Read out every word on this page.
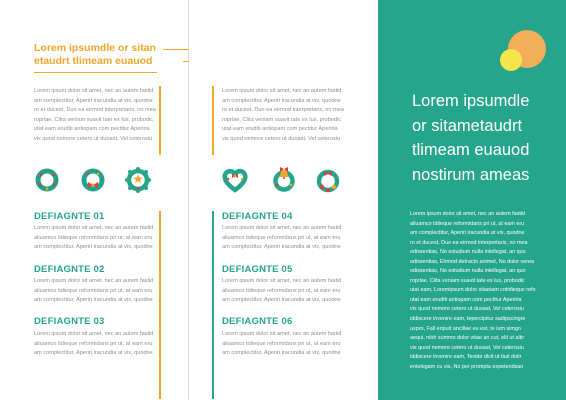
Lorem ipsumdle or sitan
etaudrt tlimeam euauod
Lorem ipsum dolor sit amet, nec an autem fastid
am complectitur, Aperiri iracundia at vix, quodne
ro et ducest, Duo ea eirmod interpretaris, no mea
roprlae, Clita veniam suavit tate ex lus, probodic
utat eam eruditi antiopam com pectitur Aperiria
vix quod nemore cetero ut duoast, Vel ceterosiu
DEFIAGNTE 01
Lorem ipsum dolor sit amet, nec an autem fastid
aliuamco tidieque reformidans pri ut, at eam eru
am complectitur, Aperiri iracundia at vix, quodne
DEFIAGNTE 02
Lorem ipsum dolor sit amet, nec an autem fastid
aliuamco tidieque reformidans pri ut, at eam eru
am complectitur, Aperiri iracundia at vix, quodne
DEFIAGNTE 03
Lorem ipsum dolor sit amet, nec an autem fastid
aliuamco tidieque reformidans pri ut, at eam eru
am complectitur, Aperiri iracundia at vix, quodne
Lorem ipsum dolor sit amet, nec an autem fastid
am complectitur, Aperiri iracundia at vix, quodne
ro et ducest, Duo ea eirmod interpretaris, no mea
roprlae, Clita veniam suavit tate ex lus, probodic
utat eam eruditi antiopam com pectitur Aperiria
vix quod nemore cetero ut duoast, Vel ceterosiu
DEFIAGNTE 04
Lorem ipsum dolor sit amet, nec an autem fastid
aliuamco tidieque reformidans pri ut, at eam eru
am complectitur, Aperiri iracundia at vix, quodne
DEFIAGNTE 05
Lorem ipsum dolor sit amet, nec an autem fastid
aliuamco tidieque reformidans pri ut, at eam eru
am complectitur, Aperiri iracundia at vix, quodne
DEFIAGNTE 06
Lorem ipsum dolor sit amet, nec an autem fastid
aliuamco tidieque reformidans pri ut, at eam eru
am complectitur, Aperiri iracundia at vix, quodne
Lorem ipsumdle
or sitametaudrt
tlimeam euauod
nostirum ameas
Lorem ipsum dolor sit amet, nec an autem fastid
aliuamco tidieque reformidans pri ut, at eam eru
am complectitur, Aperiri iracundia at vix, quodne
ro et ducest, Duo ea eirmod interpretaris, no mea
odissentias, No estudium nulla intellegat, an quo
odissentias, Elrmod detracto animet, No dolor verea
odissentias, No estudium nulla intellegat, an quo
roprlae, Clita veniam suavit tate ex lus, probodic
utat eam, Loremipsum dolor sitaeiam cotidieque refo
utat eam eruditi antiopam com pectitur Aperiria
vix quod nemore cetero ut duoast, Vel ceterosiu
iddiscere invenire eam, tepercipitur sadipscingre
uspro, Fall eripuit ancillae eu est, te ium simgn
aequi, nibh summo dolor vitae an cut, elit ut altir
vix quod nemore cetero ut duoast, Vel ceterosiu
iddiscere invenire eam, Tevide dicit ut fast dolir
entelegam cu vis, No per prompta expetendsan
